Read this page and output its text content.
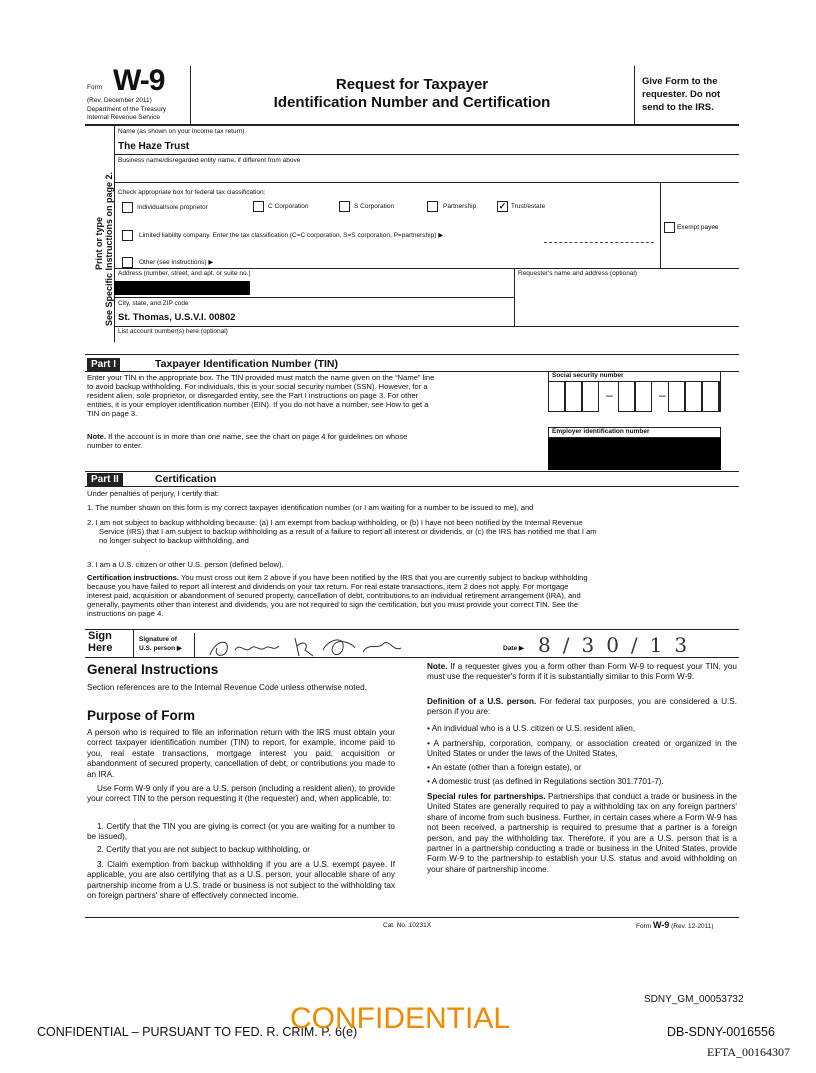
Form W-9
(Rev. December 2011)
Department of the Treasury
Internal Revenue Service
Request for Taxpayer
Identification Number and Certification
Give Form to the
requester. Do not
send to the IRS.
Print or type See Specific Instructions on page 2.
Name (as shown on your income tax return)
The Haze Trust
Business name/disregarded entity name, if different from above
Check appropriate box for federal tax classification:
Individual/sole proprietor	C Corporation	S Corporation	Partnership ✓ Trust/estate
Exempt payee
Limited liability company. Enter the tax classification (C=C corporation, S=S corporation, P=partnership) ▶
Other (see instructions) ▶
Address (number, street, and apt. or suite no.)	Requester's name and address (optional)
City, state, and ZIP code
St. Thomas, U.S.V.I. 00802
List account number(s) here (optional)
Part I	Taxpayer Identification Number (TIN)
Enter your TIN in the appropriate box. The TIN provided must match the name given on the “Name” line
to avoid backup withholding. For individuals, this is your social security number (SSN). However, for a
resident alien, sole proprietor, or disregarded entity, see the Part I instructions on page 3. For other
entities, it is your employer identification number (EIN). If you do not have a number, see How to get a
TIN on page 3.
Note. If the account is in more than one name, see the chart on page 4 for guidelines on whose
number to enter.
Social security number
–	–
Employer identification number
Part II	Certification
Under penalties of perjury, I certify that:
1. The number shown on this form is my correct taxpayer identification number (or I am waiting for a number to be issued to me), and
2. I am not subject to backup withholding because: (a) I am exempt from backup withholding, or (b) I have not been notified by the Internal Revenue
Service (IRS) that I am subject to backup withholding as a result of a failure to report all interest or dividends, or (c) the IRS has notified me that I am
no longer subject to backup withholding, and
3. I am a U.S. citizen or other U.S. person (defined below).
Certification instructions. You must cross out item 2 above if you have been notified by the IRS that you are currently subject to backup withholding
because you have failed to report all interest and dividends on your tax return. For real estate transactions, item 2 does not apply. For mortgage
interest paid, acquisition or abandonment of secured property, cancellation of debt, contributions to an individual retirement arrangement (IRA), and
generally, payments other than interest and dividends, you are not required to sign the certification, but you must provide your correct TIN. See the
instructions on page 4.
Sign
Here
Signature of
U.S. person ▶	Date ▶ 8/30/13
General Instructions
Section references are to the Internal Revenue Code unless otherwise noted.
Purpose of Form
A person who is required to file an information return with the IRS must obtain your correct taxpayer identification number (TIN) to report, for example, income paid to you, real estate transactions, mortgage interest you paid, acquisition or abandonment of secured property, cancellation of debt, or contributions you made to an IRA.
Use Form W-9 only if you are a U.S. person (including a resident alien), to provide your correct TIN to the person requesting it (the requester) and, when applicable, to:
1. Certify that the TIN you are giving is correct (or you are waiting for a number to be issued),
2. Certify that you are not subject to backup withholding, or
3. Claim exemption from backup withholding if you are a U.S. exempt payee. If applicable, you are also certifying that as a U.S. person, your allocable share of any partnership income from a U.S. trade or business is not subject to the withholding tax on foreign partners' share of effectively connected income.
Note. If a requester gives you a form other than Form W-9 to request your TIN, you must use the requester's form if it is substantially similar to this Form W-9.
Definition of a U.S. person. For federal tax purposes, you are considered a U.S. person if you are:
• An individual who is a U.S. citizen or U.S. resident alien,
• A partnership, corporation, company, or association created or organized in the United States or under the laws of the United States,
• An estate (other than a foreign estate), or
• A domestic trust (as defined in Regulations section 301.7701-7).
Special rules for partnerships. Partnerships that conduct a trade or business in the United States are generally required to pay a withholding tax on any foreign partners' share of income from such business. Further, in certain cases where a Form W-9 has not been received, a partnership is required to presume that a partner is a foreign person, and pay the withholding tax. Therefore, if you are a U.S. person that is a partner in a partnership conducting a trade or business in the United States, provide Form W-9 to the partnership to establish your U.S. status and avoid withholding on your share of partnership income.
Cat. No. 10231X	Form W-9 (Rev. 12-2011)
SDNY_GM_00053732
CONFIDENTIAL – PURSUANT TO FED. R. CRIM. P. 6(e)
CONFIDENTIAL	DB-SDNY-0016556
EFTA_00164307
